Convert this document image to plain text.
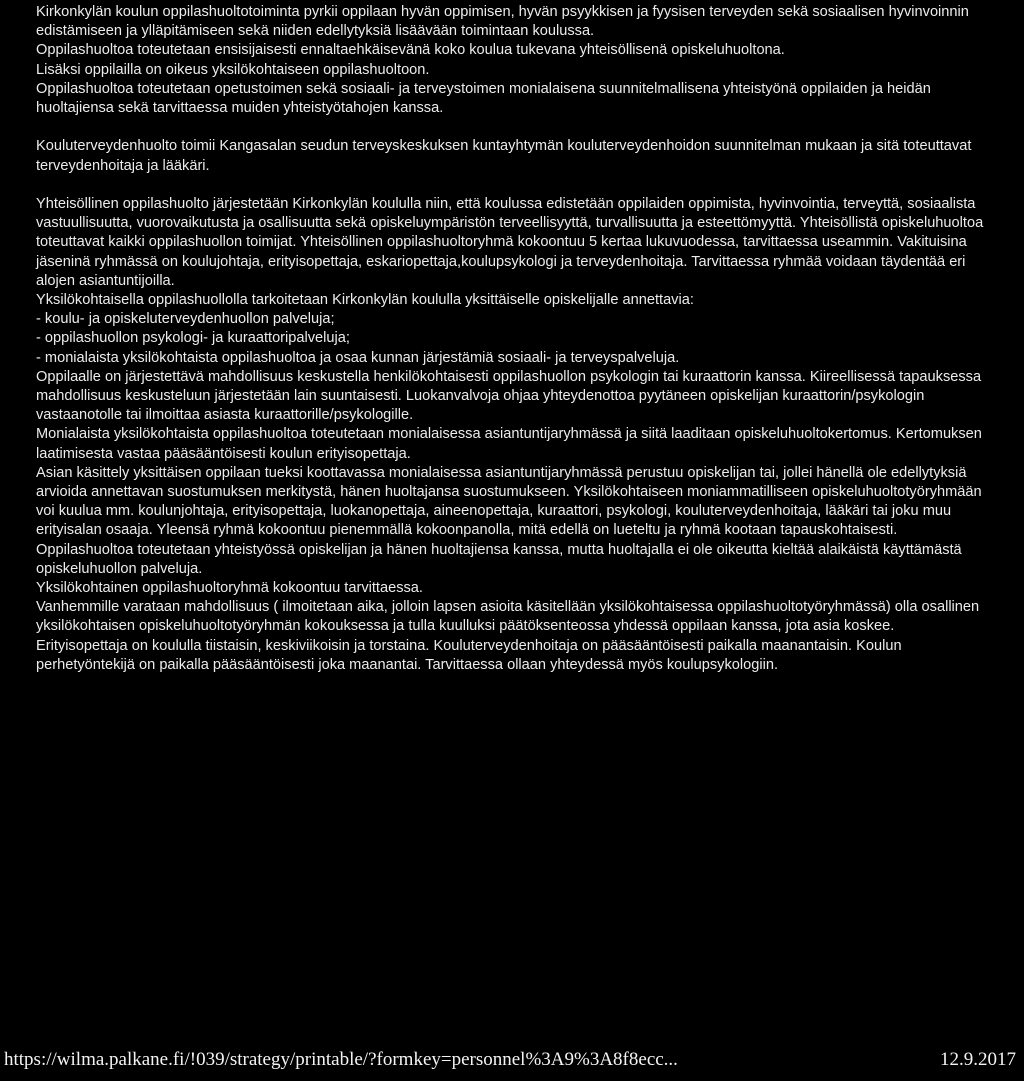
Kirkonkylän koulun oppilashuoltotoiminta pyrkii oppilaan hyvän oppimisen, hyvän psyykkisen ja fyysisen terveyden sekä sosiaalisen hyvinvoinnin edistämiseen ja ylläpitämiseen sekä niiden edellytyksiä lisäävään toimintaan koulussa.

Oppilashuoltoa toteutetaan ensisijaisesti ennaltaehkäisevänä koko koulua tukevana yhteisöllisenä opiskeluhuoltona.

Lisäksi oppilailla on oikeus yksilökohtaiseen oppilashuoltoon.

Oppilashuoltoa toteutetaan opetustoimen sekä sosiaali- ja terveystoimen monialaisena suunnitelmallisena yhteistyönä oppilaiden ja heidän huoltajiensa sekä tarvittaessa muiden yhteistyötahojen kanssa.

Kouluterveydenhuolto toimii Kangasalan seudun terveyskeskuksen kuntayhtymän kouluterveydenhoidon suunnitelman mukaan ja sitä toteuttavat terveydenhoitaja ja lääkäri.

Yhteisöllinen oppilashuolto järjestetään Kirkonkylän koululla niin, että koulussa edistetään oppilaiden oppimista, hyvinvointia, terveyttä, sosiaalista vastuullisuutta, vuorovaikutusta ja osallisuutta sekä opiskeluympäristön terveellisyyttä, turvallisuutta ja esteettömyyttä. Yhteisöllistä opiskeluhuoltoa toteuttavat kaikki oppilashuollon toimijat. Yhteisöllinen oppilashuoltoryhmä kokoontuu 5 kertaa lukuvuodessa, tarvittaessa useammin. Vakituisina jäseninä ryhmässä on koulujohtaja, erityisopettaja, eskariopettaja,koulupsykologi ja terveydenhoitaja. Tarvittaessa ryhmää voidaan täydentää eri alojen asiantuntijoilla.

Yksilökohtaisella oppilashuollolla tarkoitetaan Kirkonkylän koululla yksittäiselle opiskelijalle annettavia:

- koulu- ja opiskeluterveydenhuollon palveluja;

- oppilashuollon psykologi- ja kuraattoripalveluja;

- monialaista yksilökohtaista oppilashuoltoa ja osaa kunnan järjestämiä sosiaali- ja terveyspalveluja.

Oppilaalle on järjestettävä mahdollisuus keskustella henkilökohtaisesti oppilashuollon psykologin tai kuraattorin kanssa. Kiireellisessä tapauksessa mahdollisuus keskusteluun järjestetään lain suuntaisesti. Luokanvalvoja ohjaa yhteydenottoa pyytäneen opiskelijan kuraattorin/psykologin vastaanotolle tai ilmoittaa asiasta kuraattorille/psykologille.

Monialaista yksilökohtaista oppilashuoltoa toteutetaan monialaisessa asiantuntijaryhmässä ja siitä laaditaan opiskeluhuoltokertomus. Kertomuksen laatimisesta vastaa pääsääntöisesti koulun erityisopettaja.

Asian käsittely yksittäisen oppilaan tueksi koottavassa monialaisessa asiantuntijaryhmässä perustuu opiskelijan tai, jollei hänellä ole edellytyksiä arvioida annettavan suostumuksen merkitystä, hänen huoltajansa suostumukseen. Yksilökohtaiseen moniammatilliseen opiskeluhuoltotyöryhmään voi kuulua mm. koulunjohtaja, erityisopettaja, luokanopettaja, aineenopettaja, kuraattori, psykologi, kouluterveydenhoitaja, lääkäri tai joku muu erityisalan osaaja. Yleensä ryhmä kokoontuu pienemmällä kokoonpanolla, mitä edellä on lueteltu ja ryhmä kootaan tapauskohtaisesti. Oppilashuoltoa toteutetaan yhteistyössä opiskelijan ja hänen huoltajiensa kanssa, mutta huoltajalla ei ole oikeutta kieltää alaikäistä käyttämästä opiskeluhuollon palveluja.

Yksilökohtainen oppilashuoltoryhmä kokoontuu tarvittaessa.

Vanhemmille varataan mahdollisuus ( ilmoitetaan aika, jolloin lapsen asioita käsitellään yksilökohtaisessa oppilashuoltotyöryhmässä) olla osallinen yksilökohtaisen opiskeluhuoltotyöryhmän kokouksessa ja tulla kuulluksi päätöksenteossa yhdessä oppilaan kanssa, jota asia koskee.

Erityisopettaja on koululla tiistaisin, keskiviikoisin ja torstaina. Kouluterveydenhoitaja on pääsääntöisesti paikalla maanantaisin. Koulun perhetyöntekijä on paikalla pääsääntöisesti joka maanantai. Tarvittaessa ollaan yhteydessä myös koulupsykologiin.

https://wilma.palkane.fi/!039/strategy/printable/?formkey=personnel%3A9%3A8f8ecc...	12.9.2017
